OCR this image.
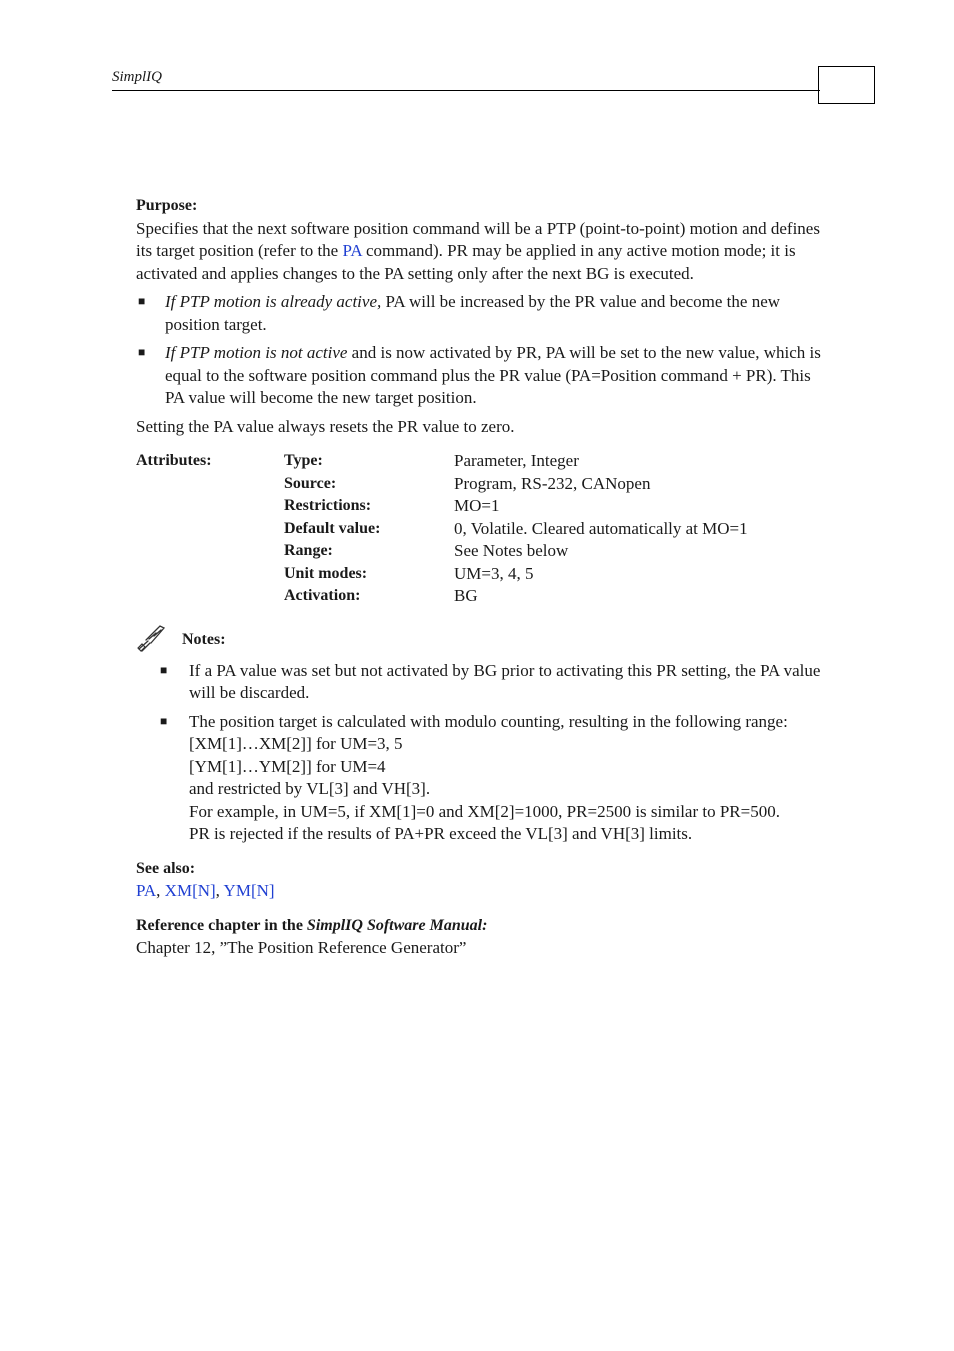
SimplIQ
Purpose:

Specifies that the next software position command will be a PTP (point-to-point) motion and defines its target position (refer to the PA command). PR may be applied in any active motion mode; it is activated and applies changes to the PA setting only after the next BG is executed.

■ If PTP motion is already active, PA will be increased by the PR value and become the new position target.
■ If PTP motion is not active and is now activated by PR, PA will be set to the new value, which is equal to the software position command plus the PR value (PA=Position command + PR). This PA value will become the new target position.

Setting the PA value always resets the PR value to zero.

Attributes:	Type:	Parameter, Integer
Source:	Program, RS-232, CANopen
Restrictions:	MO=1
Default value:	0, Volatile. Cleared automatically at MO=1
Range:	See Notes below
Unit modes:	UM=3, 4, 5
Activation:	BG
Notes:
■ If a PA value was set but not activated by BG prior to activating this PR setting, the PA value will be discarded.
■ The position target is calculated with modulo counting, resulting in the following range:
[XM[1]…XM[2]] for UM=3, 5
[YM[1]…YM[2]] for UM=4
and restricted by VL[3] and VH[3].
For example, in UM=5, if XM[1]=0 and XM[2]=1000, PR=2500 is similar to PR=500.
PR is rejected if the results of PA+PR exceed the VL[3] and VH[3] limits.
See also:
PA, XM[N], YM[N]
Reference chapter in the SimplIQ Software Manual:
Chapter 12, ”The Position Reference Generator”
